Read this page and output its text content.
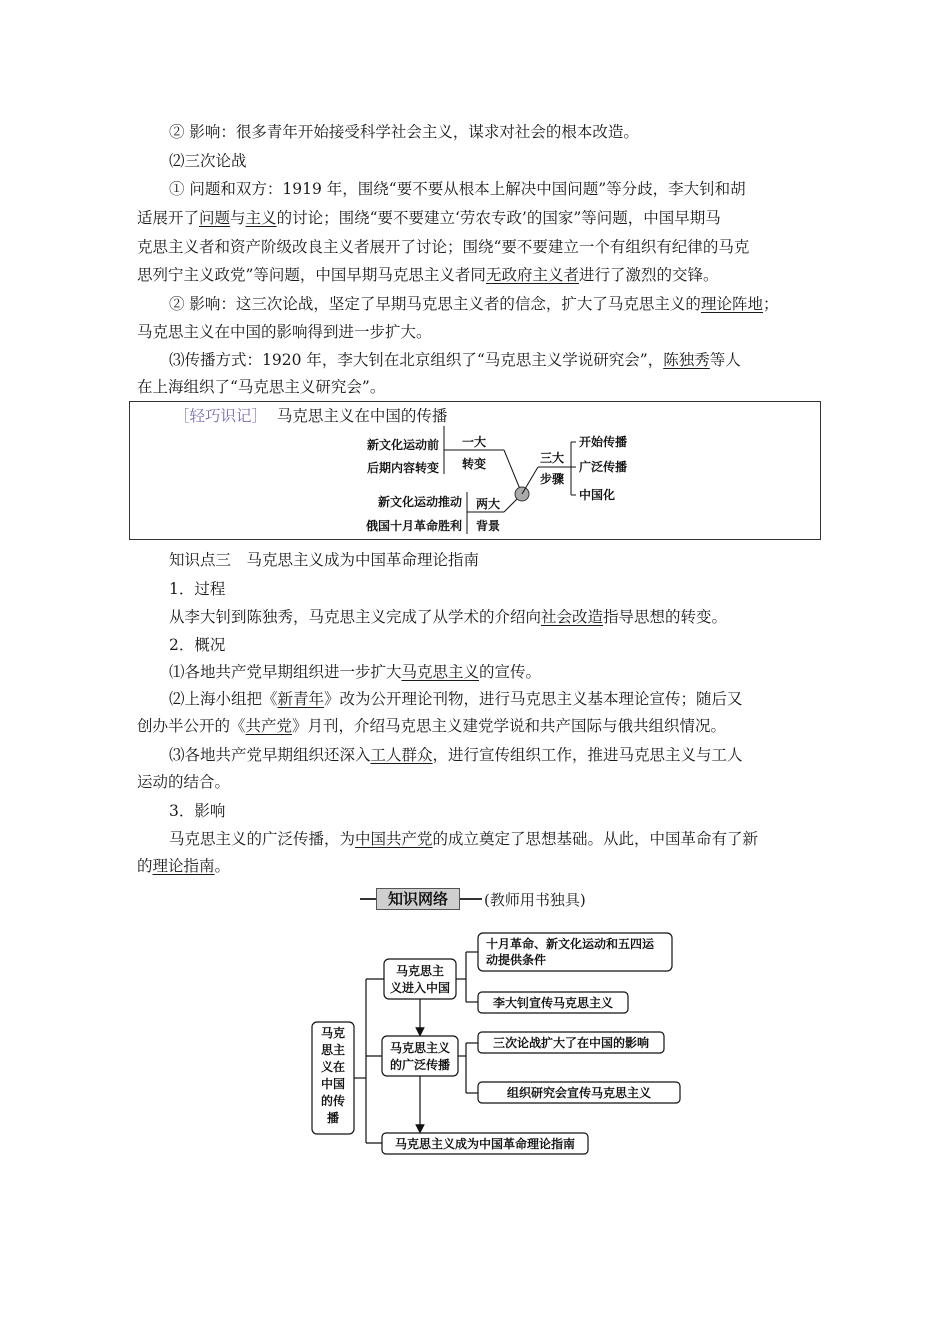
② 影响：很多青年开始接受科学社会主义，谋求对社会的根本改造。
⑵三次论战
① 问题和双方：1919 年，围绕“要不要从根本上解决中国问题”等分歧，李大钊和胡
适展开了问题与主义的讨论；围绕“要不要建立‘劳农专政’的国家”等问题，中国早期马
克思主义者和资产阶级改良主义者展开了讨论；围绕“要不要建立一个有组织有纪律的马克
思列宁主义政党”等问题，中国早期马克思主义者同无政府主义者进行了激烈的交锋。
② 影响：这三次论战，坚定了早期马克思主义者的信念，扩大了马克思主义的理论阵地；
马克思主义在中国的影响得到进一步扩大。
⑶传播方式：1920 年，李大钊在北京组织了“马克思主义学说研究会”，陈独秀等人
在上海组织了“马克思主义研究会”。
［轻巧识记］ 马克思主义在中国的传播
新文化运动前
后期内容转变
一大
转变
新文化运动推动
俄国十月革命胜利
两大
背景
三大
步骤
开始传播
广泛传播
中国化
知识点三　马克思主义成为中国革命理论指南
1．过程
从李大钊到陈独秀，马克思主义完成了从学术的介绍向社会改造指导思想的转变。
2．概况
⑴各地共产党早期组织进一步扩大马克思主义的宣传。
⑵上海小组把《新青年》改为公开理论刊物，进行马克思主义基本理论宣传；随后又
创办半公开的《共产党》月刊，介绍马克思主义建党学说和共产国际与俄共组织情况。
⑶各地共产党早期组织还深入工人群众，进行宣传组织工作，推进马克思主义与工人
运动的结合。
3．影响
马克思主义的广泛传播，为中国共产党的成立奠定了思想基础。从此，中国革命有了新
的理论指南。
知识网络	(教师用书独具)
马克
思主
义在
中国
的传
播
马克思主
义进入中国
马克思主义
的广泛传播
马克思主义成为中国革命理论指南
十月革命、新文化运动和五四运
动提供条件
李大钊宣传马克思主义
三次论战扩大了在中国的影响
组织研究会宣传马克思主义
